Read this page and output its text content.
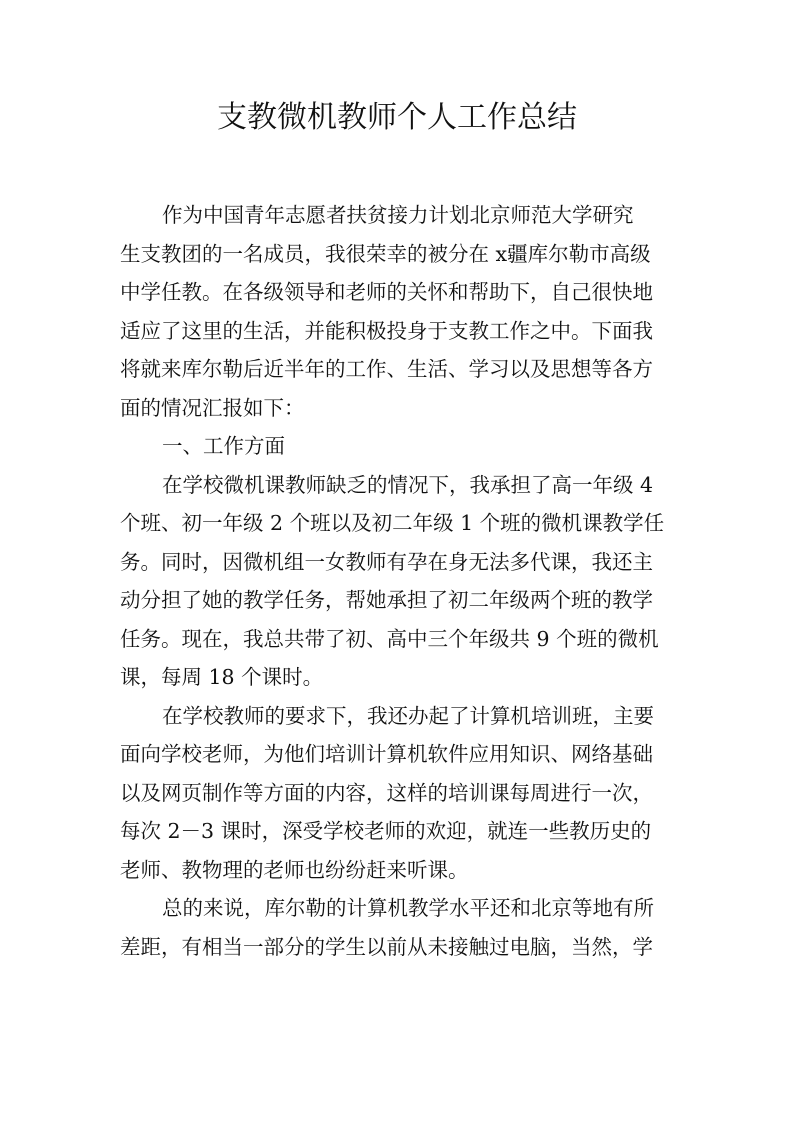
支教微机教师个人工作总结
作为中国青年志愿者扶贫接力计划北京师范大学研究
生支教团的一名成员，我很荣幸的被分在 x疆库尔勒市高级
中学任教。在各级领导和老师的关怀和帮助下，自己很快地
适应了这里的生活，并能积极投身于支教工作之中。下面我
将就来库尔勒后近半年的工作、生活、学习以及思想等各方
面的情况汇报如下：
一、工作方面
在学校微机课教师缺乏的情况下，我承担了高一年级 4
个班、初一年级 2 个班以及初二年级 1 个班的微机课教学任
务。同时，因微机组一女教师有孕在身无法多代课，我还主
动分担了她的教学任务，帮她承担了初二年级两个班的教学
任务。现在，我总共带了初、高中三个年级共 9 个班的微机
课，每周 18 个课时。
在学校教师的要求下，我还办起了计算机培训班，主要
面向学校老师，为他们培训计算机软件应用知识、网络基础
以及网页制作等方面的内容，这样的培训课每周进行一次，
每次 2－3 课时，深受学校老师的欢迎，就连一些教历史的
老师、教物理的老师也纷纷赶来听课。
总的来说，库尔勒的计算机教学水平还和北京等地有所
差距，有相当一部分的学生以前从未接触过电脑，当然，学
